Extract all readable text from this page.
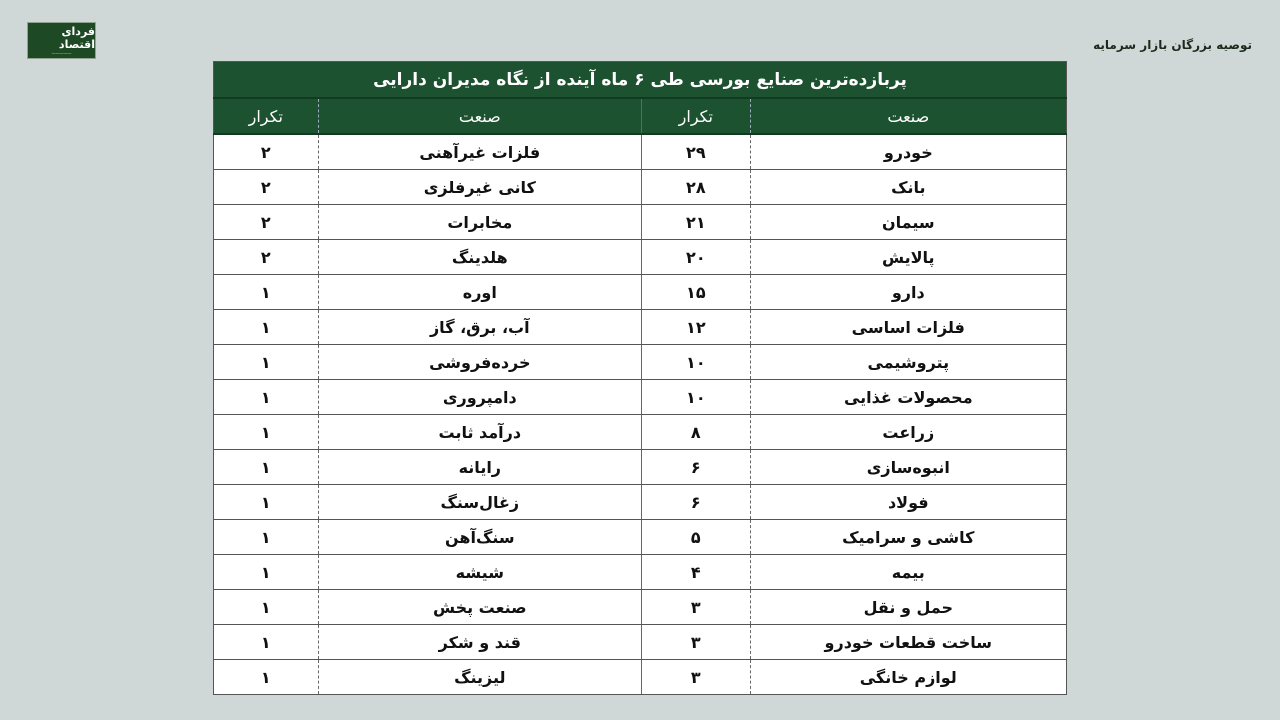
فردای اقتصاد
—————
توصیه بزرگان بازار سرمایه
پربازده‌ترین صنایع بورسی طی ۶ ماه آینده از نگاه مدیران دارایی			
صنعت	تکرار	صنعت	تکرار
خودرو	۲۹	فلزات غیرآهنی	۲
بانک	۲۸	کانی غیرفلزی	۲
سیمان	۲۱	مخابرات	۲
پالایش	۲۰	هلدینگ	۲
دارو	۱۵	اوره	۱
فلزات اساسی	۱۲	آب، برق، گاز	۱
پتروشیمی	۱۰	خرده‌فروشی	۱
محصولات غذایی	۱۰	دامپروری	۱
زراعت	۸	درآمد ثابت	۱
انبوه‌سازی	۶	رایانه	۱
فولاد	۶	زغال‌سنگ	۱
کاشی و سرامیک	۵	سنگ‌آهن	۱
بیمه	۴	شیشه	۱
حمل و نقل	۳	صنعت پخش	۱
ساخت قطعات خودرو	۳	قند و شکر	۱
لوازم خانگی	۳	لیزینگ	۱
